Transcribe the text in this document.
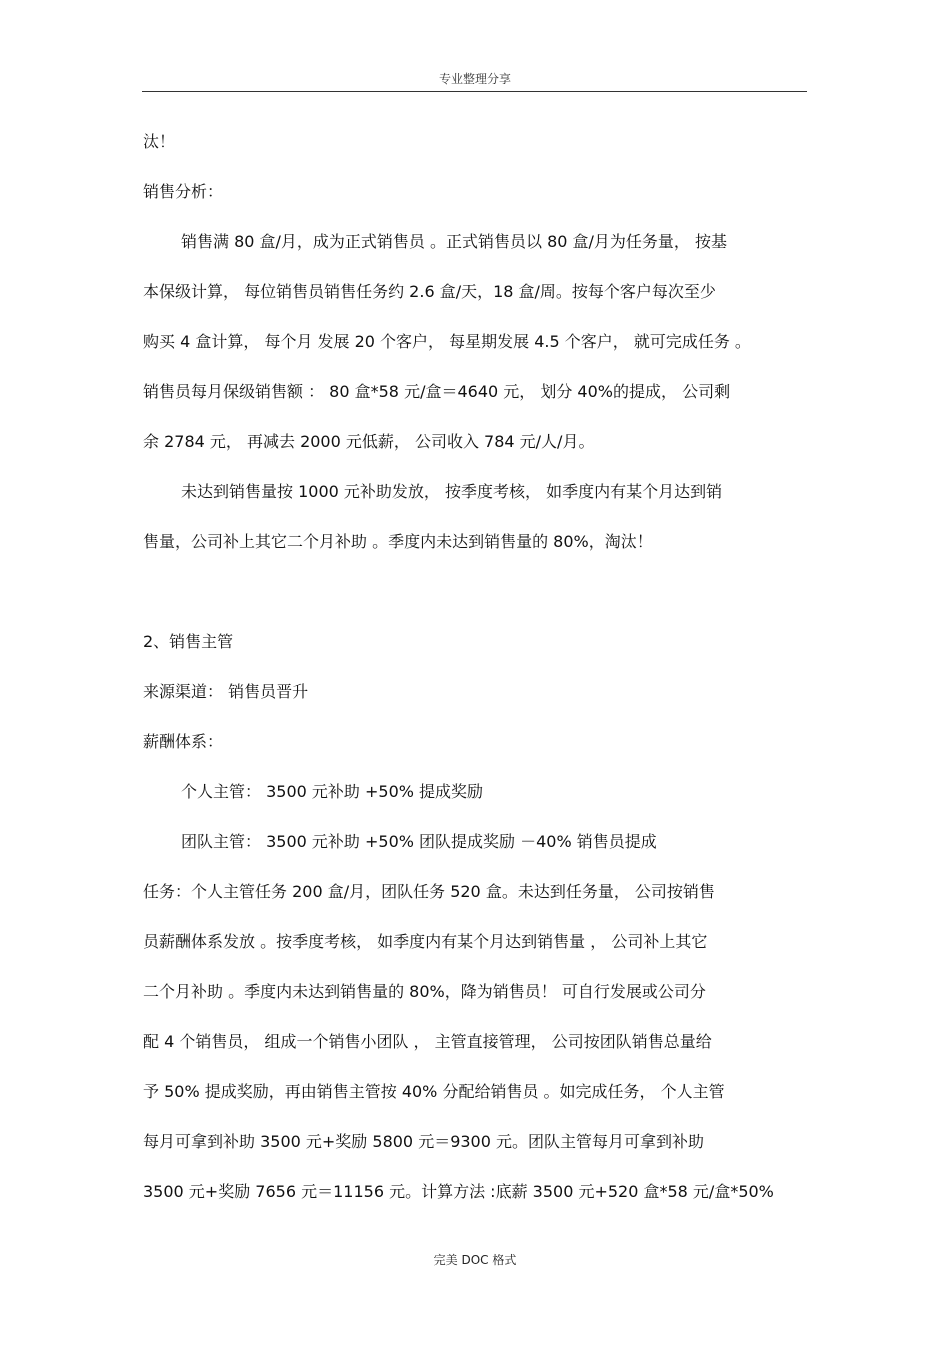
专业整理分享
汰！
销售分析：
销售满 80 盒/月，成为正式销售员 。正式销售员以 80 盒/月为任务量， 按基
本保级计算， 每位销售员销售任务约 2.6 盒/天，18 盒/周。按每个客户每次至少
购买 4 盒计算， 每个月 发展 20 个客户， 每星期发展 4.5 个客户， 就可完成任务 。
销售员每月保级销售额 ： 80 盒*58 元/盒＝4640 元， 划分 40%的提成， 公司剩
余 2784 元， 再减去 2000 元低薪， 公司收入 784 元/人/月。
未达到销售量按 1000 元补助发放， 按季度考核， 如季度内有某个月达到销
售量，公司补上其它二个月补助 。季度内未达到销售量的 80%，淘汰！
2、销售主管
来源渠道： 销售员晋升
薪酬体系：
个人主管： 3500 元补助 +50% 提成奖励
团队主管： 3500 元补助 +50% 团队提成奖励 －40% 销售员提成
任务：个人主管任务 200 盒/月，团队任务 520 盒。未达到任务量， 公司按销售
员薪酬体系发放 。按季度考核， 如季度内有某个月达到销售量 ， 公司补上其它
二个月补助 。季度内未达到销售量的 80%，降为销售员！ 可自行发展或公司分
配 4 个销售员， 组成一个销售小团队 ， 主管直接管理， 公司按团队销售总量给
予 50% 提成奖励，再由销售主管按 40% 分配给销售员 。如完成任务， 个人主管
每月可拿到补助 3500 元+奖励 5800 元＝9300 元。团队主管每月可拿到补助
3500 元+奖励 7656 元＝11156 元。计算方法 :底薪 3500 元+520 盒*58 元/盒*50%
完美 DOC 格式
